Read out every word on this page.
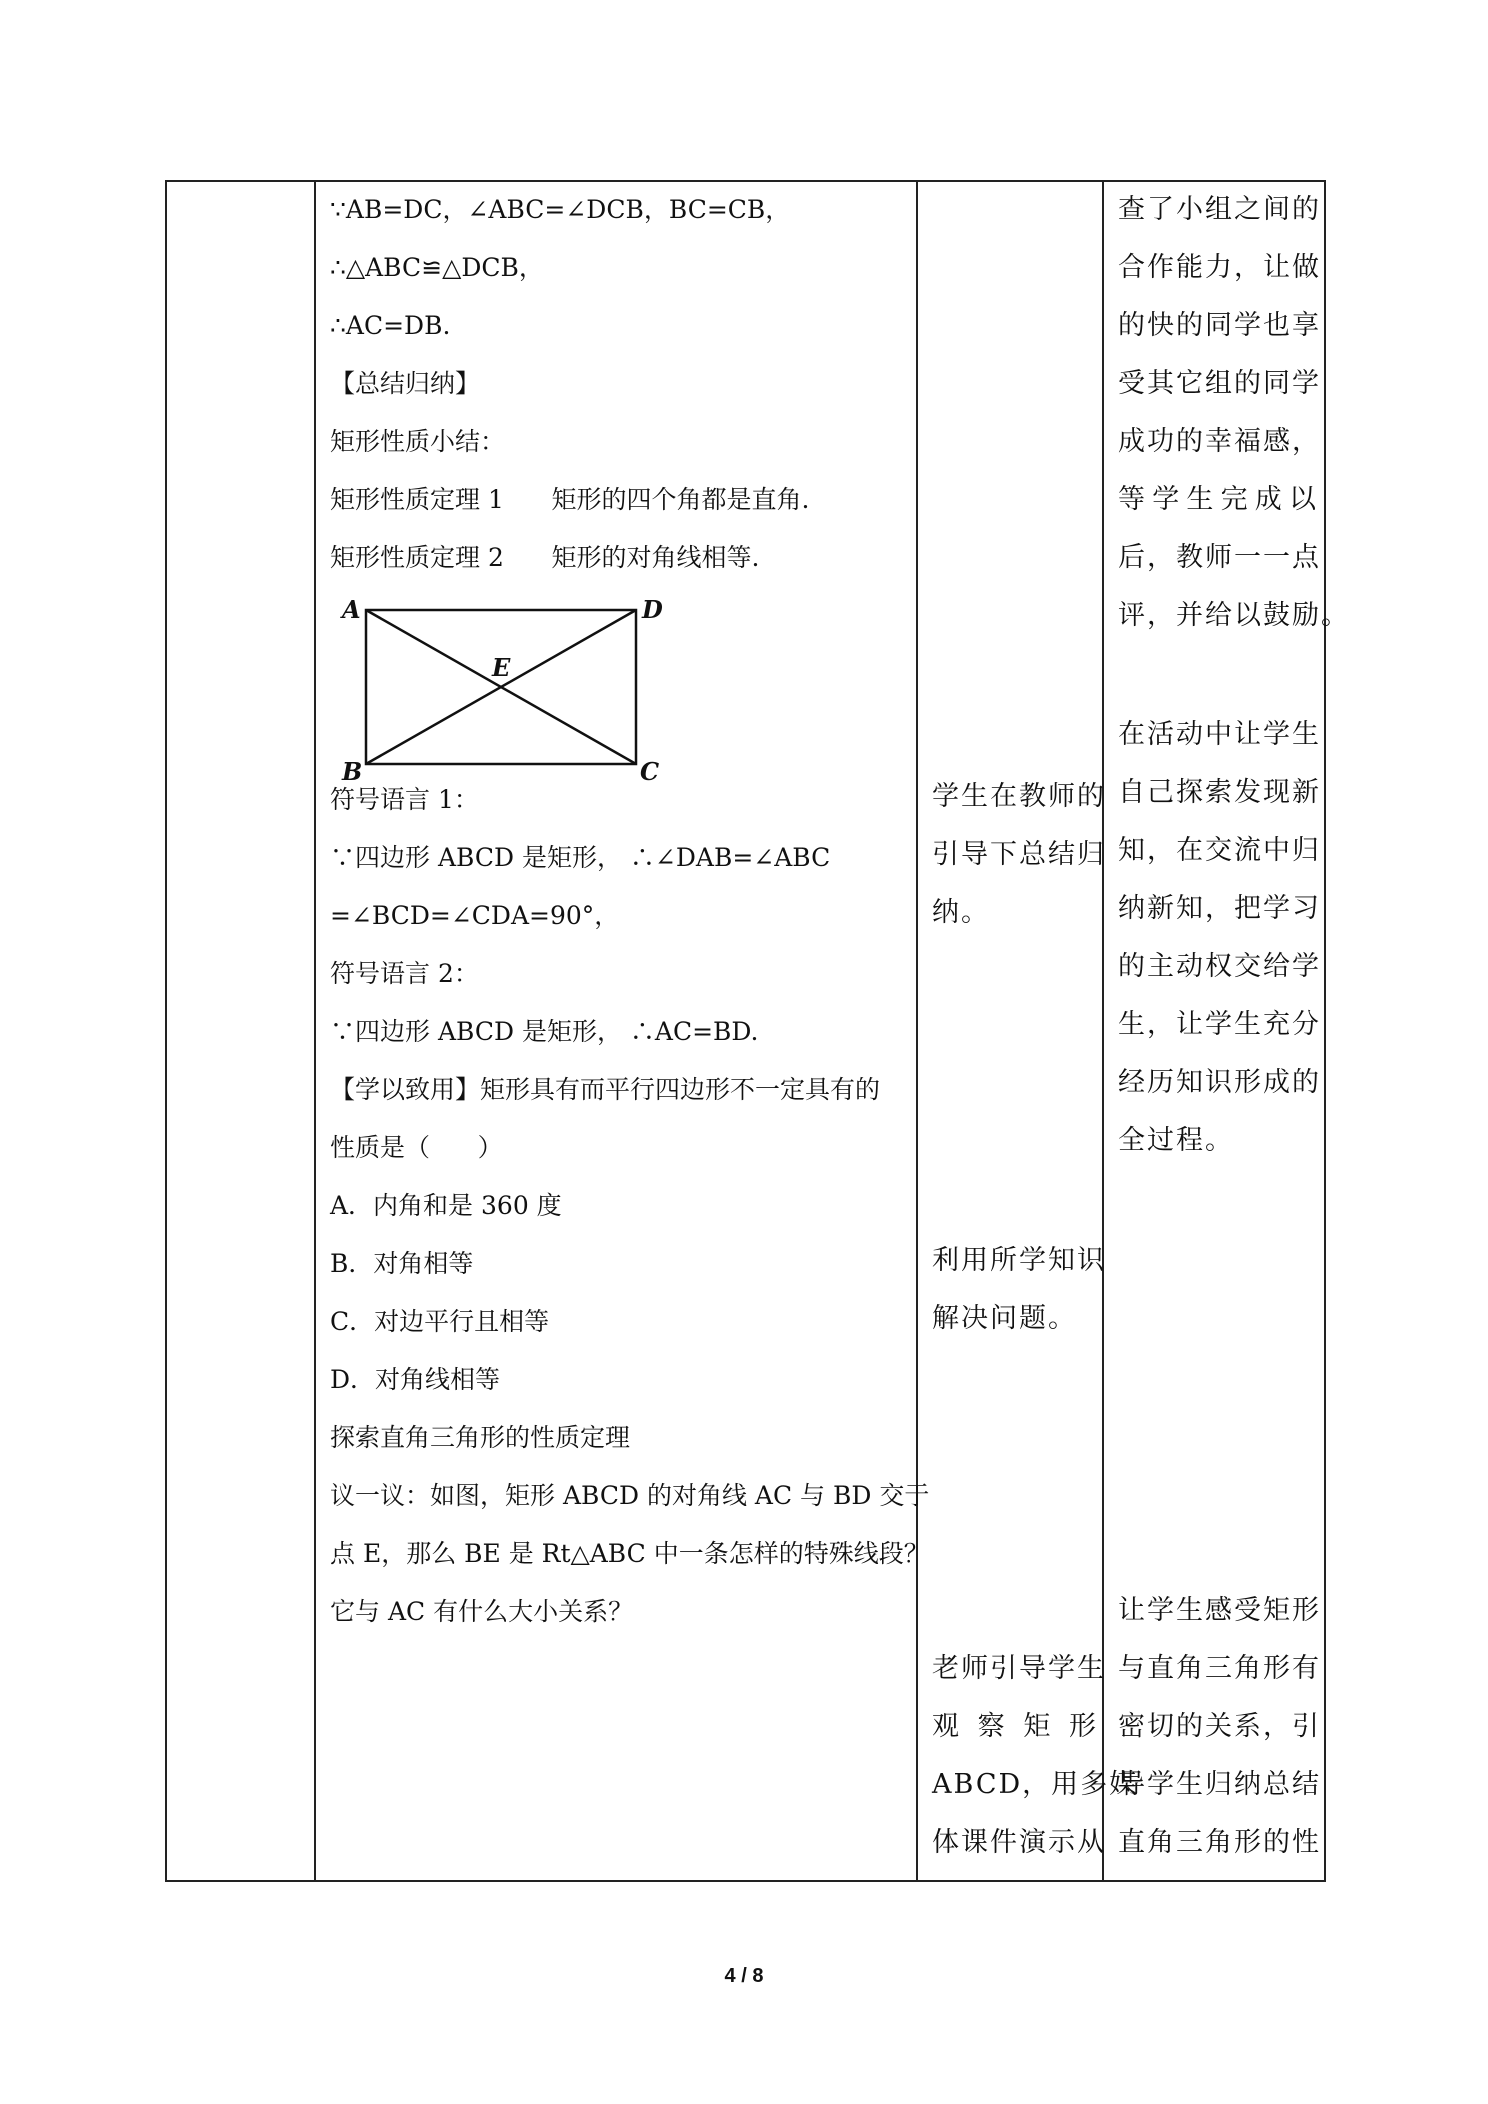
∵AB=DC，∠ABC=∠DCB，BC=CB，
∴△ABC≌△DCB，
∴AC=DB.
【总结归纳】
矩形性质小结：
矩形性质定理 1      矩形的四个角都是直角.
矩形性质定理 2      矩形的对角线相等.
A	D
E
B	C
符号语言 1：
∵四边形 ABCD 是矩形， ∴∠DAB=∠ABC
=∠BCD=∠CDA=90°，
符号语言 2：
∵四边形 ABCD 是矩形， ∴AC=BD.
【学以致用】矩形具有而平行四边形不一定具有的
性质是（      ）
A．内角和是 360 度
B．对角相等
C．对边平行且相等
D．对角线相等
探索直角三角形的性质定理
议一议：如图，矩形 ABCD 的对角线 AC 与 BD 交于
点 E，那么 BE 是 Rt△ABC 中一条怎样的特殊线段？
它与 AC 有什么大小关系？
学生在教师的
引导下总结归
纳。
利用所学知识
解决问题。
老师引导学生
观察矩形
ABCD，用多媒
体课件演示从
查了小组之间的
合作能力，让做
的快的同学也享
受其它组的同学
成功的幸福感，
等学生完成以
后，教师一一点
评，并给以鼓励。
在活动中让学生
自己探索发现新
知，在交流中归
纳新知，把学习
的主动权交给学
生，让学生充分
经历知识形成的
全过程。
让学生感受矩形
与直角三角形有
密切的关系，引
导学生归纳总结
直角三角形的性
4 / 8
